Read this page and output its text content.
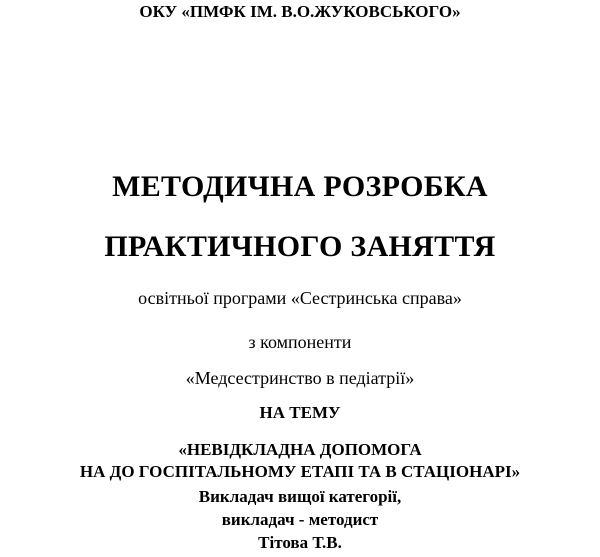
ОКУ «ПМФК ІМ. В.О.ЖУКОВСЬКОГО»
МЕТОДИЧНА РОЗРОБКА
ПРАКТИЧНОГО ЗАНЯТТЯ
освітньої програми «Сестринська справа»
з компоненти
«Медсестринство в педіатрії»
НА ТЕМУ
«НЕВІДКЛАДНА ДОПОМОГА
НА ДО ГОСПІТАЛЬНОМУ ЕТАПІ ТА В СТАЦІОНАРІ»
Викладач вищої категорії,
викладач - методист
Тітова Т.В.
